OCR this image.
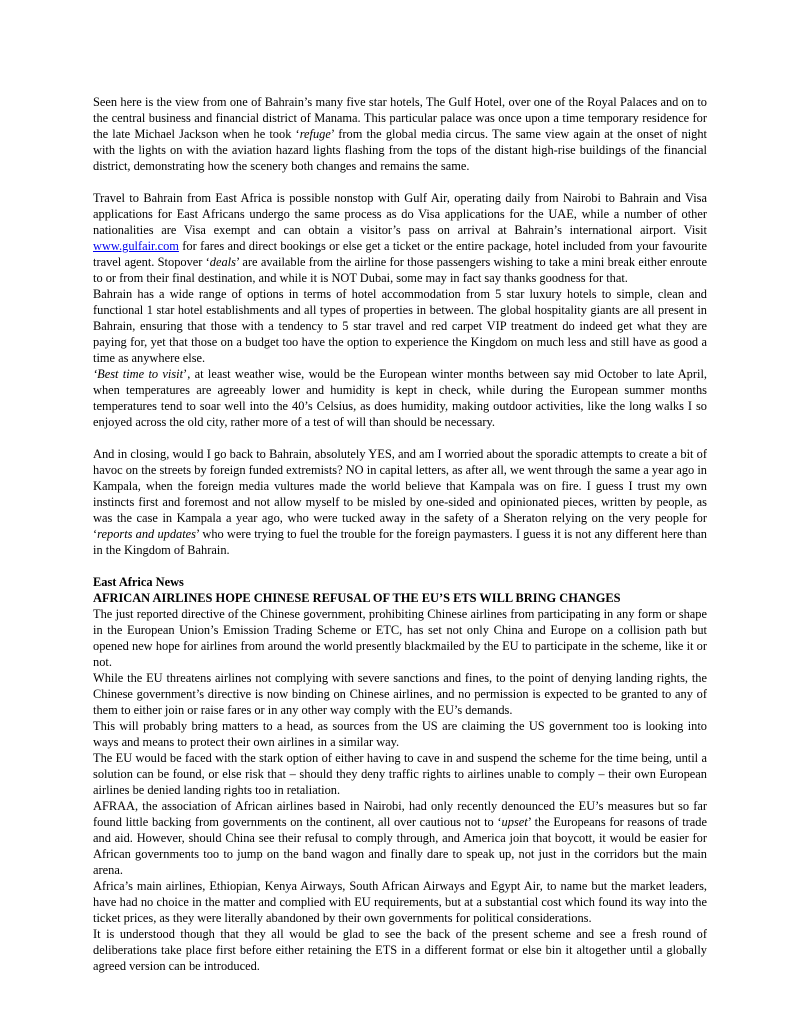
Seen here is the view from one of Bahrain’s many five star hotels, The Gulf Hotel, over one of the Royal Palaces and on to the central business and financial district of Manama. This particular palace was once upon a time temporary residence for the late Michael Jackson when he took ‘refuge’ from the global media circus. The same view again at the onset of night with the lights on with the aviation hazard lights flashing from the tops of the distant high-rise buildings of the financial district, demonstrating how the scenery both changes and remains the same.

Travel to Bahrain from East Africa is possible nonstop with Gulf Air, operating daily from Nairobi to Bahrain and Visa applications for East Africans undergo the same process as do Visa applications for the UAE, while a number of other nationalities are Visa exempt and can obtain a visitor’s pass on arrival at Bahrain’s international airport. Visit www.gulfair.com for fares and direct bookings or else get a ticket or the entire package, hotel included from your favourite travel agent. Stopover ‘deals’ are available from the airline for those passengers wishing to take a mini break either enroute to or from their final destination, and while it is NOT Dubai, some may in fact say thanks goodness for that.

Bahrain has a wide range of options in terms of hotel accommodation from 5 star luxury hotels to simple, clean and functional 1 star hotel establishments and all types of properties in between. The global hospitality giants are all present in Bahrain, ensuring that those with a tendency to 5 star travel and red carpet VIP treatment do indeed get what they are paying for, yet that those on a budget too have the option to experience the Kingdom on much less and still have as good a time as anywhere else.

‘Best time to visit’, at least weather wise, would be the European winter months between say mid October to late April, when temperatures are agreeably lower and humidity is kept in check, while during the European summer months temperatures tend to soar well into the 40’s Celsius, as does humidity, making outdoor activities, like the long walks I so enjoyed across the old city, rather more of a test of will than should be necessary.

And in closing, would I go back to Bahrain, absolutely YES, and am I worried about the sporadic attempts to create a bit of havoc on the streets by foreign funded extremists? NO in capital letters, as after all, we went through the same a year ago in Kampala, when the foreign media vultures made the world believe that Kampala was on fire. I guess I trust my own instincts first and foremost and not allow myself to be misled by one-sided and opinionated pieces, written by people, as was the case in Kampala a year ago, who were tucked away in the safety of a Sheraton relying on the very people for ‘reports and updates’ who were trying to fuel the trouble for the foreign paymasters. I guess it is not any different here than in the Kingdom of Bahrain.

East Africa News

AFRICAN AIRLINES HOPE CHINESE REFUSAL OF THE EU’S ETS WILL BRING CHANGES

The just reported directive of the Chinese government, prohibiting Chinese airlines from participating in any form or shape in the European Union’s Emission Trading Scheme or ETC, has set not only China and Europe on a collision path but opened new hope for airlines from around the world presently blackmailed by the EU to participate in the scheme, like it or not.

While the EU threatens airlines not complying with severe sanctions and fines, to the point of denying landing rights, the Chinese government’s directive is now binding on Chinese airlines, and no permission is expected to be granted to any of them to either join or raise fares or in any other way comply with the EU’s demands.

This will probably bring matters to a head, as sources from the US are claiming the US government too is looking into ways and means to protect their own airlines in a similar way.

The EU would be faced with the stark option of either having to cave in and suspend the scheme for the time being, until a solution can be found, or else risk that – should they deny traffic rights to airlines unable to comply – their own European airlines be denied landing rights too in retaliation.

AFRAA, the association of African airlines based in Nairobi, had only recently denounced the EU’s measures but so far found little backing from governments on the continent, all over cautious not to ‘upset’ the Europeans for reasons of trade and aid. However, should China see their refusal to comply through, and America join that boycott, it would be easier for African governments too to jump on the band wagon and finally dare to speak up, not just in the corridors but the main arena.

Africa’s main airlines, Ethiopian, Kenya Airways, South African Airways and Egypt Air, to name but the market leaders, have had no choice in the matter and complied with EU requirements, but at a substantial cost which found its way into the ticket prices, as they were literally abandoned by their own governments for political considerations.

It is understood though that they all would be glad to see the back of the present scheme and see a fresh round of deliberations take place first before either retaining the ETS in a different format or else bin it altogether until a globally agreed version can be introduced.
